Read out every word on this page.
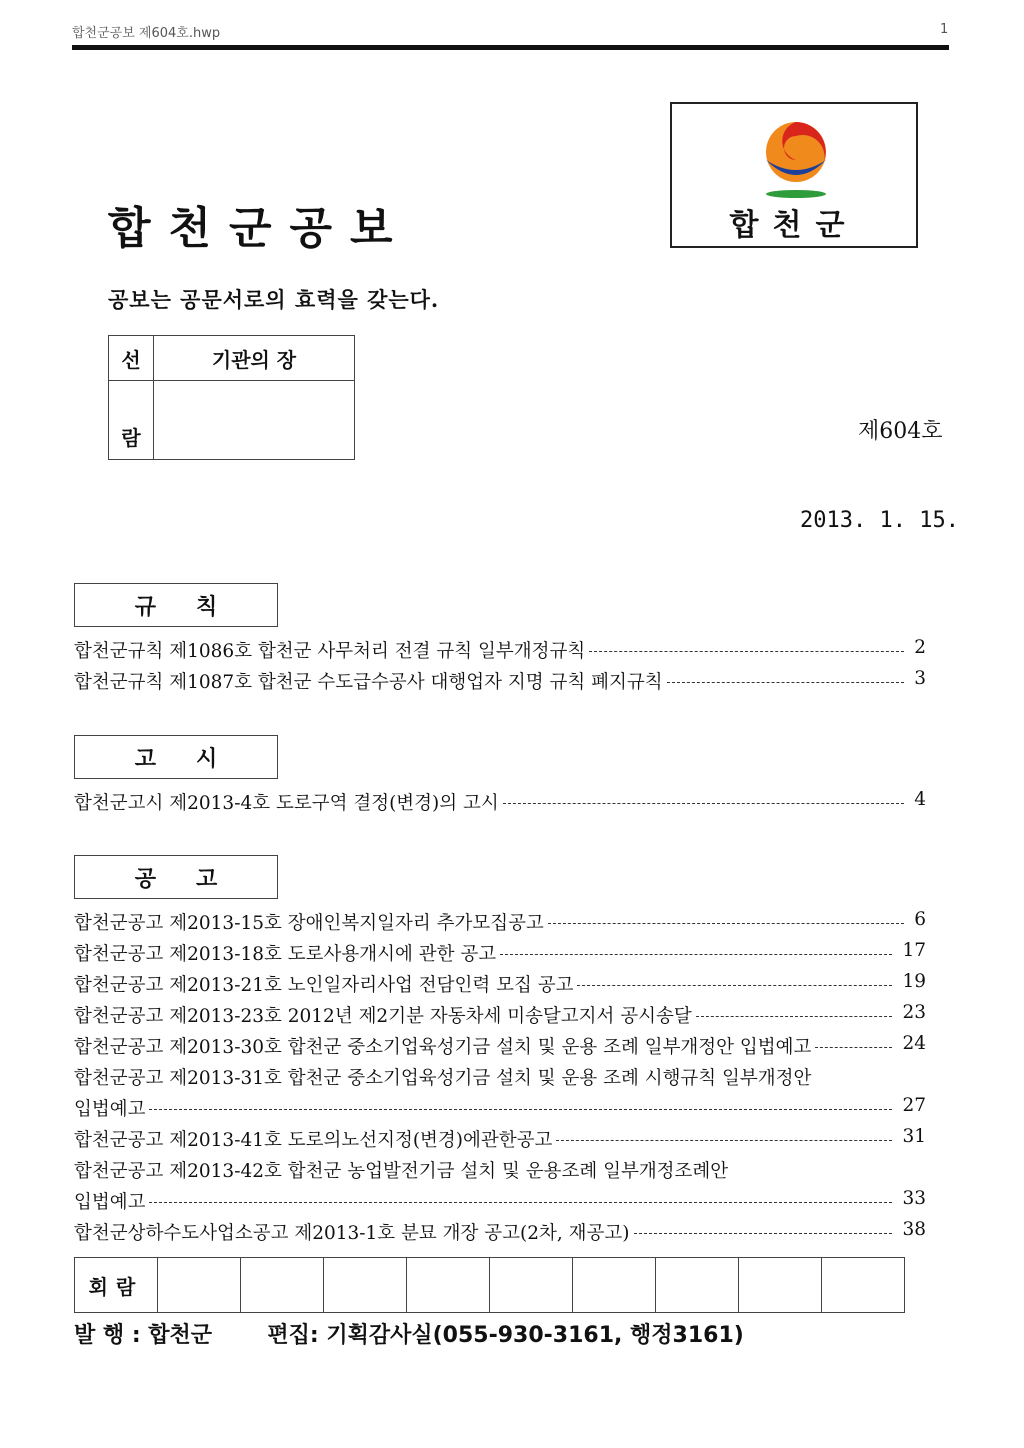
합천군공보 제604호.hwp	1
합천군공보	합천군
공보는 공문서로의 효력을 갖는다.
선	기관의 장
람		제604호
2013. 1. 15.
규칙
합천군규칙 제1086호 합천군 사무처리 전결 규칙 일부개정규칙	2
합천군규칙 제1087호 합천군 수도급수공사 대행업자 지명 규칙 폐지규칙	3
고시
합천군고시 제2013-4호 도로구역 결정(변경)의 고시	4
공고
합천군공고 제2013-15호 장애인복지일자리 추가모집공고	6
합천군공고 제2013-18호 도로사용개시에 관한 공고	17
합천군공고 제2013-21호 노인일자리사업 전담인력 모집 공고	19
합천군공고 제2013-23호 2012년 제2기분 자동차세 미송달고지서 공시송달	23
합천군공고 제2013-30호 합천군 중소기업육성기금 설치 및 운용 조례 일부개정안 입법예고	24
합천군공고 제2013-31호 합천군 중소기업육성기금 설치 및 운용 조례 시행규칙 일부개정안
입법예고	27
합천군공고 제2013-41호 도로의노선지정(변경)에관한공고	31
합천군공고 제2013-42호 합천군 농업발전기금 설치 및 운용조례 일부개정조례안
입법예고	33
합천군상하수도사업소공고 제2013-1호 분묘 개장 공고(2차, 재공고)	38
회람									
발 행 : 합천군	편집: 기획감사실(055-930-3161, 행정3161)
